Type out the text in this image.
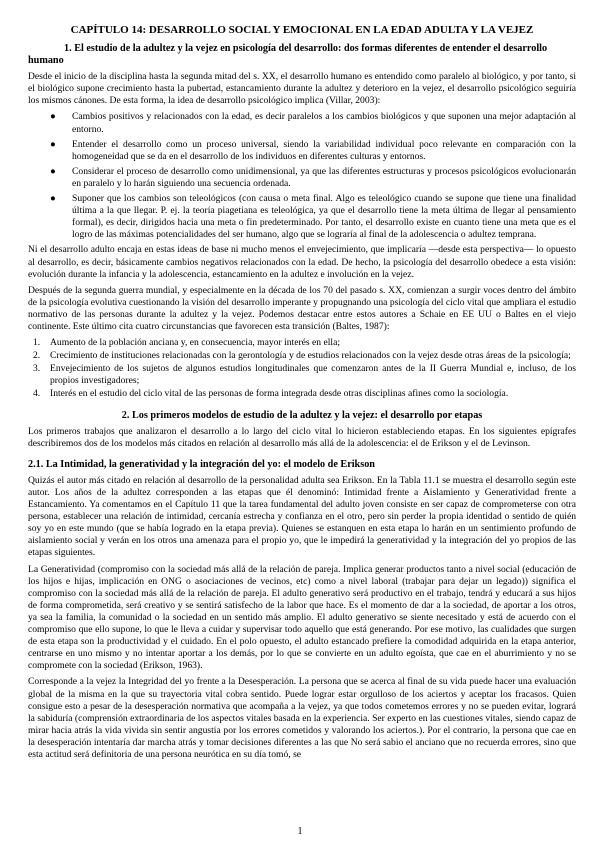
CAPÍTULO 14: DESARROLLO SOCIAL Y EMOCIONAL EN LA EDAD ADULTA Y LA VEJEZ
1. El estudio de la adultez y la vejez en psicología del desarrollo: dos formas diferentes de entender el desarrollo humano

Desde el inicio de la disciplina hasta la segunda mitad del s. XX, el desarrollo humano es entendido como paralelo al biológico, y por tanto, si el biológico supone crecimiento hasta la pubertad, estancamiento durante la adultez y deterioro en la vejez, el desarrollo psicológico seguiría los mismos cánones. De esta forma, la idea de desarrollo psicológico implica (Villar, 2003):

● Cambios positivos y relacionados con la edad, es decir paralelos a los cambios biológicos y que suponen una mejor adaptación al entorno.
● Entender el desarrollo como un proceso universal, siendo la variabilidad individual poco relevante en comparación con la homogeneidad que se da en el desarrollo de los individuos en diferentes culturas y entornos.
● Considerar el proceso de desarrollo como unidimensional, ya que las diferentes estructuras y procesos psicológicos evolucionarán en paralelo y lo harán siguiendo una secuencia ordenada.
● Suponer que los cambios son teleológicos (con causa o meta final. Algo es teleológico cuando se supone que tiene una finalidad última a la que llegar. P. ej. la teoría piagetiana es teleológica, ya que el desarrollo tiene la meta última de llegar al pensamiento formal), es decir, dirigidos hacia una meta o fin predeterminado. Por tanto, el desarrollo existe en cuanto tiene una meta que es el logro de las máximas potencialidades del ser humano, algo que se lograría al final de la adolescencia o adultez temprana.

Ni el desarrollo adulto encaja en estas ideas de base ni mucho menos el envejecimiento, que implicaría —desde esta perspectiva— lo opuesto al desarrollo, es decir, básicamente cambios negativos relacionados con la edad. De hecho, la psicología del desarrollo obedece a esta visión: evolución durante la infancia y la adolescencia, estancamiento en la adultez e involución en la vejez.

Después de la segunda guerra mundial, y especialmente en la década de los 70 del pasado s. XX, comienzan a surgir voces dentro del ámbito de la psicología evolutiva cuestionando la visión del desarrollo imperante y propugnando una psicología del ciclo vital que ampliara el estudio normativo de las personas durante la adultez y la vejez. Podemos destacar entre estos autores a Schaie en EE UU o Baltes en el viejo continente. Este último cita cuatro circunstancias que favorecen esta transición (Baltes, 1987):

1. Aumento de la población anciana y, en consecuencia, mayor interés en ella;
2. Crecimiento de instituciones relacionadas con la gerontología y de estudios relacionados con la vejez desde otras áreas de la psicología;
3. Envejecimiento de los sujetos de algunos estudios longitudinales que comenzaron antes de la II Guerra Mundial e, incluso, de los propios investigadores;
4. Interés en el estudio del ciclo vital de las personas de forma integrada desde otras disciplinas afines como la sociología.
2. Los primeros modelos de estudio de la adultez y la vejez: el desarrollo por etapas

Los primeros trabajos que analizaron el desarrollo a lo largo del ciclo vital lo hicieron estableciendo etapas. En los siguientes epígrafes describiremos dos de los modelos más citados en relación al desarrollo más allá de la adolescencia: el de Erikson y el de Levinson.

2.1. La Intimidad, la generatividad y la integración del yo: el modelo de Erikson

Quizás el autor más citado en relación al desarrollo de la personalidad adulta sea Erikson. En la Tabla 11.1 se muestra el desarrollo según este autor. Los años de la adultez corresponden a las etapas que él denominó: Intimidad frente a Aislamiento y Generatividad frente a Estancamiento. Ya comentamos en el Capítulo 11 que la tarea fundamental del adulto joven consiste en ser capaz de comprometerse con otra persona, establecer una relación de intimidad, cercanía estrecha y confianza en el otro, pero sin perder la propia identidad o sentido de quién soy yo en este mundo (que se había logrado en la etapa previa). Quienes se estanquen en esta etapa lo harán en un sentimiento profundo de aislamiento social y verán en los otros una amenaza para el propio yo, que le impedirá la generatividad y la integración del yo propios de las etapas siguientes.

La Generatividad (compromiso con la sociedad más allá de la relación de pareja. Implica generar productos tanto a nivel social (educación de los hijos e hijas, implicación en ONG o asociaciones de vecinos, etc) como a nivel laboral (trabajar para dejar un legado)) significa el compromiso con la sociedad más allá de la relación de pareja. El adulto generativo será productivo en el trabajo, tendrá y educará a sus hijos de forma comprometida, será creativo y se sentirá satisfecho de la labor que hace. Es el momento de dar a la sociedad, de aportar a los otros, ya sea la familia, la comunidad o la sociedad en un sentido más amplio. El adulto generativo se siente necesitado y está de acuerdo con el compromiso que ello supone, lo que le lleva a cuidar y supervisar todo aquello que está generando. Por ese motivo, las cualidades que surgen de esta etapa son la productividad y el cuidado. En el polo opuesto, el adulto estancado prefiere la comodidad adquirida en la etapa anterior, centrarse en uno mismo y no intentar aportar a los demás, por lo que se convierte en un adulto egoísta, que cae en el aburrimiento y no se compromete con la sociedad (Erikson, 1963).

Corresponde a la vejez la Integridad del yo frente a la Desesperación. La persona que se acerca al final de su vida puede hacer una evaluación global de la misma en la que su trayectoria vital cobra sentido. Puede lograr estar orgulloso de los aciertos y aceptar los fracasos. Quien consigue esto a pesar de la desesperación normativa que acompaña a la vejez, ya que todos cometemos errores y no se pueden evitar, logrará la sabiduría (comprensión extraordinaria de los aspectos vitales basada en la experiencia. Ser experto en las cuestiones vitales, siendo capaz de mirar hacia atrás la vida vivida sin sentir angustia por los errores cometidos y valorando los aciertos.). Por el contrario, la persona que cae en la desesperación intentaría dar marcha atrás y tomar decisiones diferentes a las que No será sabio el anciano que no recuerda errores, sino que esta actitud será definitoria de una persona neurótica en su día tomó, se

1
